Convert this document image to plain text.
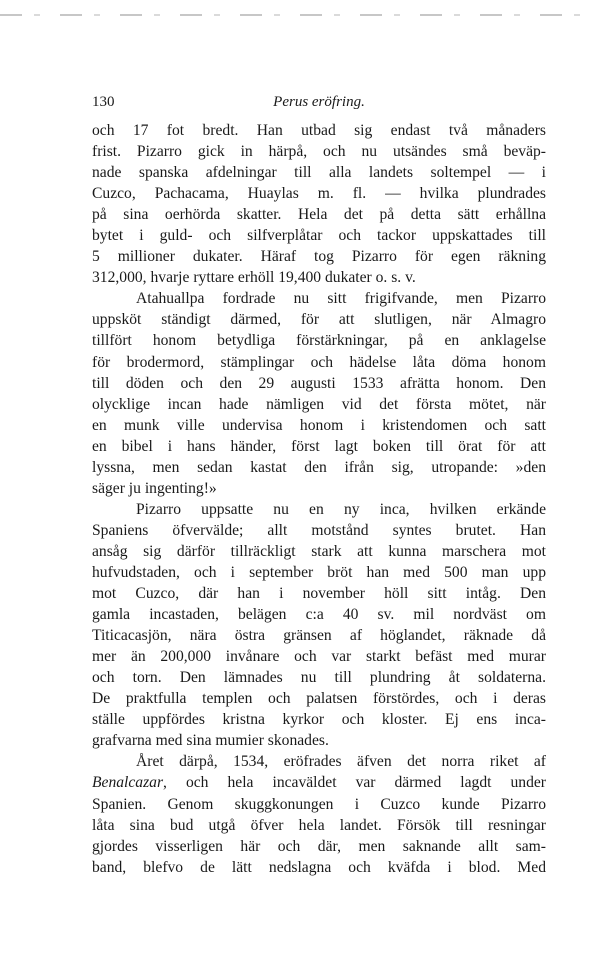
130	Perus eröfring.
och 17 fot bredt. Han utbad sig endast två månaders
frist. Pizarro gick in härpå, och nu utsändes små beväp-
nade spanska afdelningar till alla landets soltempel — i
Cuzco, Pachacama, Huaylas m. fl. — hvilka plundrades
på sina oerhörda skatter. Hela det på detta sätt erhållna
bytet i guld- och silfverplåtar och tackor uppskattades till
5 millioner dukater. Häraf tog Pizarro för egen räkning
312,000, hvarje ryttare erhöll 19,400 dukater o. s. v.
Atahuallpa fordrade nu sitt frigifvande, men Pizarro
uppsköt ständigt därmed, för att slutligen, när Almagro
tillfört honom betydliga förstärkningar, på en anklagelse
för brodermord, stämplingar och hädelse låta döma honom
till döden och den 29 augusti 1533 afrätta honom. Den
olycklige incan hade nämligen vid det första mötet, när
en munk ville undervisa honom i kristendomen och satt
en bibel i hans händer, först lagt boken till örat för att
lyssna, men sedan kastat den ifrån sig, utropande: »den
säger ju ingenting!»
Pizarro uppsatte nu en ny inca, hvilken erkände
Spaniens öfvervälde; allt motstånd syntes brutet. Han
ansåg sig därför tillräckligt stark att kunna marschera mot
hufvudstaden, och i september bröt han med 500 man upp
mot Cuzco, där han i november höll sitt intåg. Den
gamla incastaden, belägen c:a 40 sv. mil nordväst om
Titicacasjön, nära östra gränsen af höglandet, räknade då
mer än 200,000 invånare och var starkt befäst med murar
och torn. Den lämnades nu till plundring åt soldaterna.
De praktfulla templen och palatsen förstördes, och i deras
ställe uppfördes kristna kyrkor och kloster. Ej ens inca-
grafvarna med sina mumier skonades.
Året därpå, 1534, eröfrades äfven det norra riket af
Benalcazar, och hela incaväldet var därmed lagdt under
Spanien. Genom skuggkonungen i Cuzco kunde Pizarro
låta sina bud utgå öfver hela landet. Försök till resningar
gjordes visserligen här och där, men saknande allt sam-
band, blefvo de lätt nedslagna och kväfda i blod. Med
